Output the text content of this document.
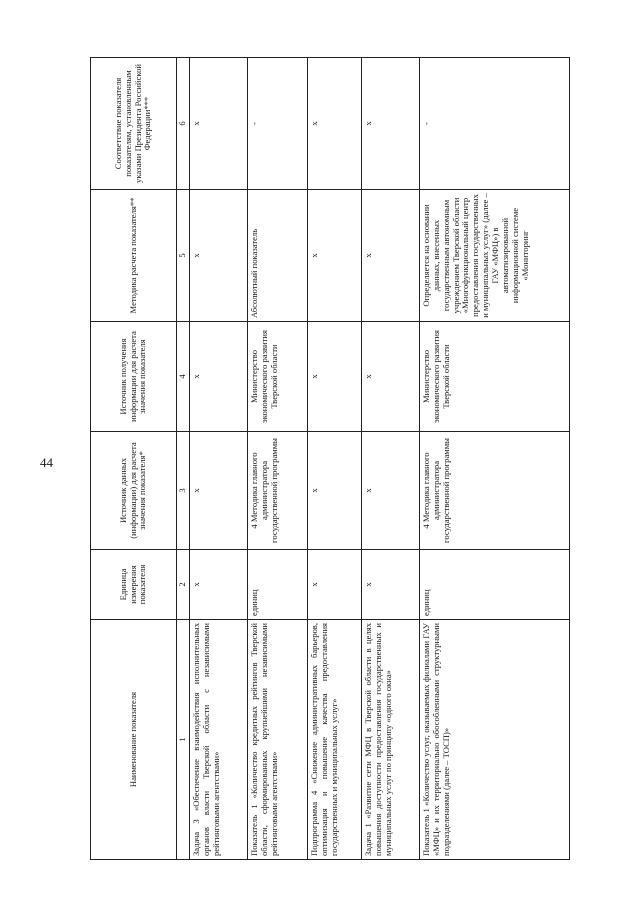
44
Наименование показателя	Единица измерения показателя	Источник данных (информации) для расчета значения показателя*	Источник получения информации для расчета значения показателя	Методика расчета показателя**	Соответствие показателя показателям, установленным указами Президента Российской Федерации***
1	2	3	4	5	6
Задача 3 «Обеспечение взаимодействия исполнительных органов власти Тверской области с независимыми рейтинговыми агентствами»	х	х	х	х	х
Показатель 1 «Количество кредитных рейтингов Тверской области, сформированных крупнейшими независимыми рейтинговыми агентствами»	единиц	4 Методика главного администратора государственной программы	Министерство экономического развития Тверской области	Абсолютный показатель	-
Подпрограмма 4 «Снижение административных барьеров, оптимизация и повышение качества предоставления государственных и муниципальных услуг»	х	х	х	х	х
Задача 1 «Развитие сети МФЦ в Тверской области в целях повышения доступности предоставления государственных и муниципальных услуг по принципу «одного окна»	х	х	х	х	х
Показатель 1 «Количество услуг, оказываемых филиалами ГАУ «МФЦ» и их территориально обособленными структурными подразделениями (далее – ТОСП)»	единиц	4 Методика главного администратора государственной программы	Министерство экономического развития Тверской области	Определяется на основании данных, внесенных государственным автономным учреждением Тверской области «Многофункциональный центр предоставления государственных и муниципальных услуг» (далее – ГАУ «МФЦ») в автоматизированной информационной системе «Мониторинг	-
